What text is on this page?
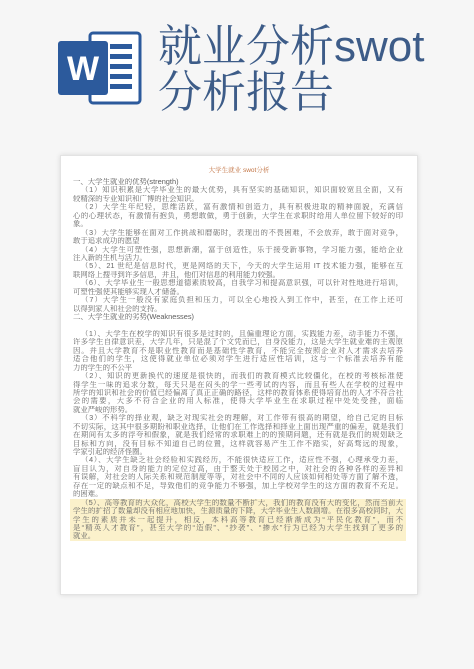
W 就业分析swot
分析报告
大学生就业 swot分析
一、大学生就业的优势(strength)
（1）知识积累是大学毕业生的最大优势，具有坚实的基础知识，知识面较宽且全面，又有
较精深的专业知识和广博的社会知识。
（2）大学生年纪轻，思维活跃，富有激情和创造力，具有积极进取的精神面貌，充满信
心的心理状态，有激情有抱负，勇想敢做，勇于创新，大学生在求职时给用人单位留下较好的印
象。
（3）大学生能够在面对工作挑战和磨砺时，表现出的不畏困难，不会放弃，敢于面对竞争，
敢于追求成功的愿望
（4）大学生可塑性强，思想新潮，富于创造性，乐于接受新事物，学习能力强，能给企业
注入新的生机与活力。
（5）、21 世纪是信息时代，更是网络的天下，今天的大学生运用 IT 技术能力强，能够在互
联网络上搜寻到许多信息，并且，他们对信息的利用能力较强。
（6）、大学毕业生一般思想道德素质较高，自我学习和提高意识强，可以针对性地进行培训，
可塑性强使其能够实现人才储备。
（7）大学生一般没有家庭负担和压力，可以全心地投入到工作中，甚至，在工作上还可
以得到家人和社会的支持。
二、大学生就业的劣势(Weaknesses)
（1）、大学生在校学的知识有很多是过时的，且偏重理论方面，实践能力差，动手能力不强，
许多学生自律意识差，大学几年，只是混了个文凭而已，自身没能力，这是大学生就业难的主观原
因。并且大学教育不是职业性教育而是基础性学教育，不能完全按照企业对人才需求去培养
适合他们的学生，这使得就业单位必须对学生进行适应性培训，这与一个标准去培养有能
力的学生的不公平
（2）、知识的更新换代的速度是很快的，而我们的教育模式比较僵化，在校的考核标准使
得学生一味的追求分数，每天只是在闷头的学一些考试的内容，而且有些人在学校的过程中
所学的知识和社会的价值已经偏离了真正正确的路径，这样的教育体系使得培育出的人才不符合社
会的需要，大多不符合企业的用人标准，使得大学毕业生在求职过程中处处受挫，面临
就业严峻的形势。
（3）不科学的择业观，缺乏对现实社会的理解，对工作带有很高的期望，给自己定的目标
不切实际，这其中很多期盼和职业选择，让他们在工作选择和择业上面出现严重的偏差，就是我们
在期间有太多的浮夸和假象，就是我们经常的求职难上的的预期问题，还有就是我们的规划缺乏
目标和方向，没有目标不知道自己的位置，这样就容易产生工作不踏实，好高骛远的现象，
学家引起的经济怪圈。
（4）、大学生缺乏社会经验和实践经历，不能很快适应工作，适应性不强，心理承受力差，
盲目认为，对自身的能力的定位过高，由于整天处于校园之中，对社会的各种各样的差异和
有误解，对社会的人际关系和规范制度等等，对社会中不同的人应该如何相处等方面了解不透，
存在一定的缺点和不足，导致他们的竞争能力不够强，加上学校对学生的这方面的教育不充足。
的困难。
（5）、高等教育的大众化，高校大学生的数量不断扩大，我们的教育没有大的变化，然而当前大
学生的扩招了数量却没有相应地加快，生源质量的下降，大学毕业生人数剧增。在很多高校同时，大
学生的素质并未一起提升，相反，本科高等教育已经渐渐成为“平民化教育”，而不
是“精英人才教育”，甚至大学的“造假”、“抄袭”、“掺水”行为已经为大学生找到了更多的
就业。
